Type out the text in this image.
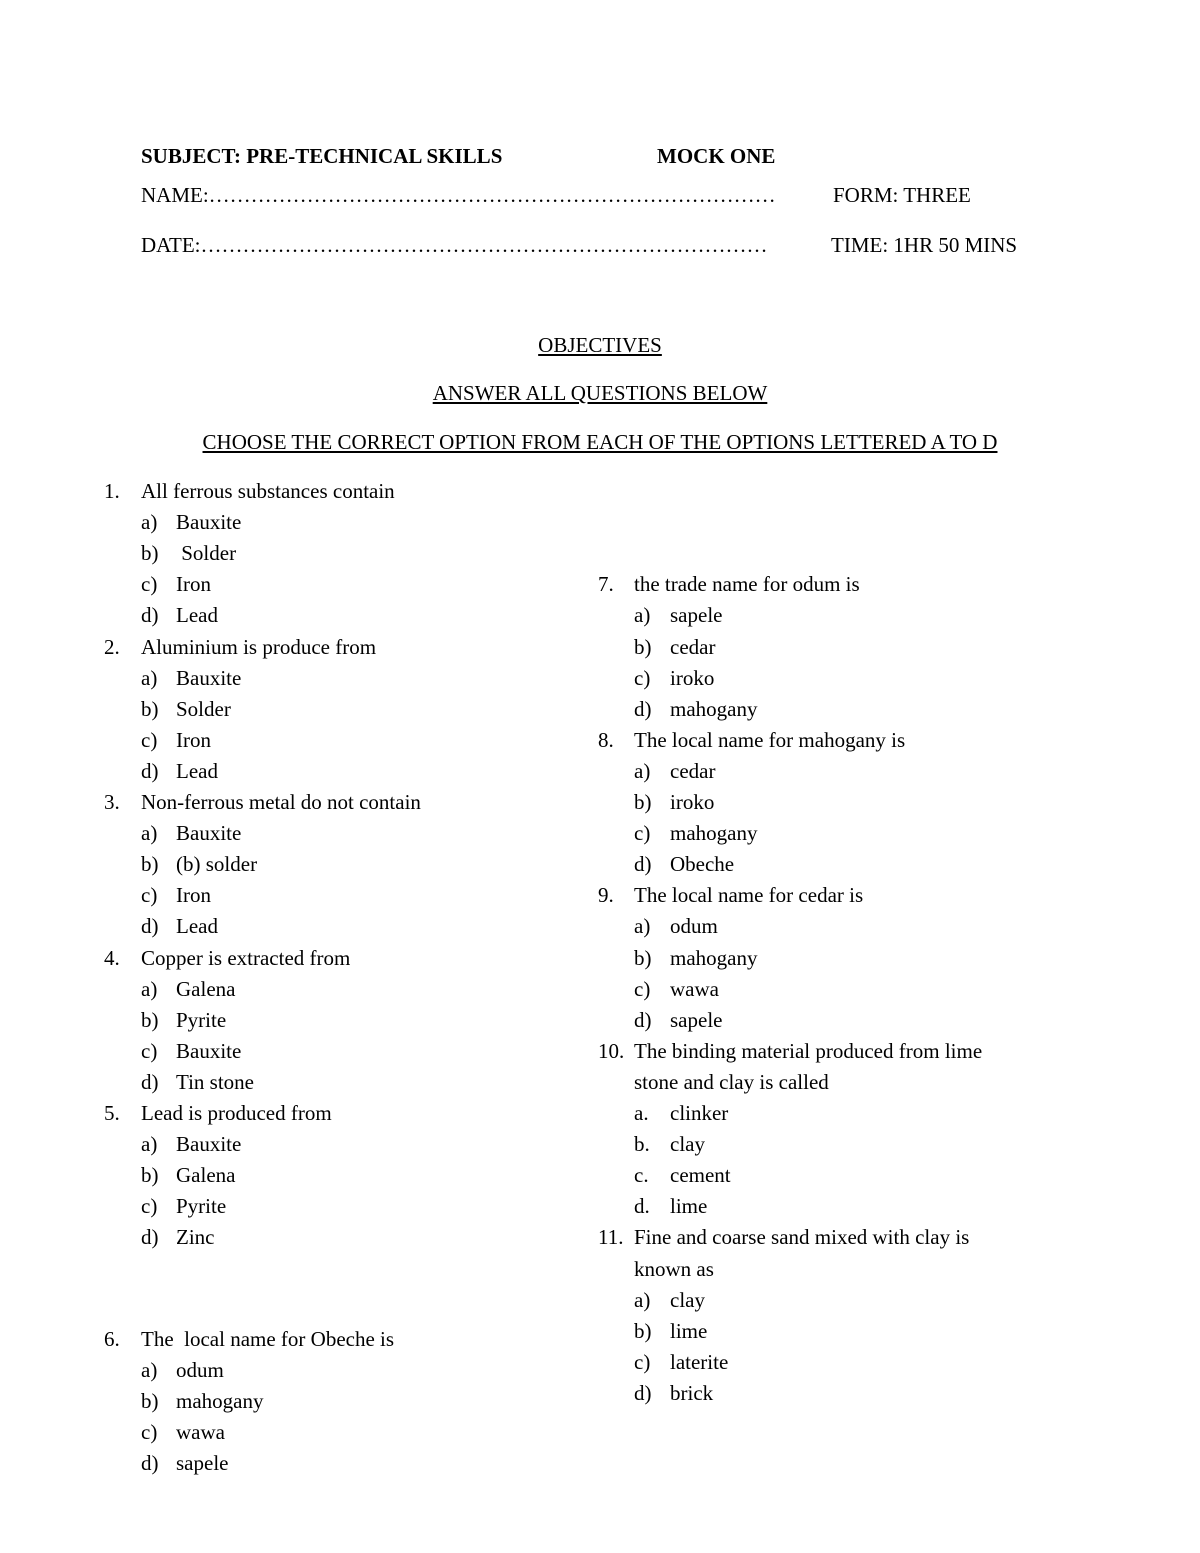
SUBJECT: PRE-TECHNICAL SKILLS	MOCK ONE
NAME:………………………………………………………………………	FORM: THREE
DATE:………………………………………………………………………	TIME: 1HR 50 MINS
OBJECTIVES
ANSWER ALL QUESTIONS BELOW
CHOOSE THE CORRECT OPTION FROM EACH OF THE OPTIONS LETTERED A TO D
1. All ferrous substances contain
a) Bauxite
b) Solder
c) Iron
d) Lead
2. Aluminium is produce from
a) Bauxite
b) Solder
c) Iron
d) Lead
3. Non-ferrous metal do not contain
a) Bauxite
b) (b) solder
c) Iron
d) Lead
4. Copper is extracted from
a) Galena
b) Pyrite
c) Bauxite
d) Tin stone
5. Lead is produced from
a) Bauxite
b) Galena
c) Pyrite
d) Zinc
6. The  local name for Obeche is
a) odum
b) mahogany
c) wawa
d) sapele
7. the trade name for odum is
a) sapele
b) cedar
c) iroko
d) mahogany
8. The local name for mahogany is
a) cedar
b) iroko
c) mahogany
d) Obeche
9. The local name for cedar is
a) odum
b) mahogany
c) wawa
d) sapele
10. The binding material produced from lime
stone and clay is called
a. clinker
b. clay
c. cement
d. lime
11. Fine and coarse sand mixed with clay is
known as
a) clay
b) lime
c) laterite
d) brick
